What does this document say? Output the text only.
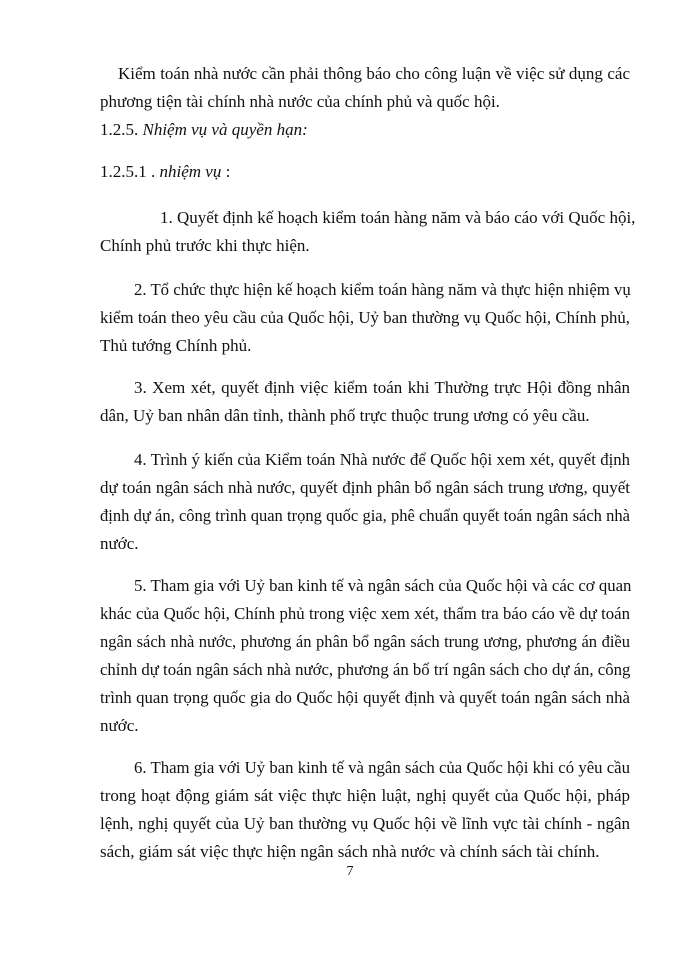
Kiểm toán nhà nước cần phải thông báo cho công luận về việc sử dụng các
phương tiện tài chính nhà nước của chính phủ và quốc hội.
1.2.5. Nhiệm vụ và quyền hạn:
1.2.5.1 . nhiệm vụ :
1. Quyết định kế hoạch kiểm toán hàng năm và báo cáo với Quốc hội,
Chính phủ trước khi thực hiện.
2. Tổ chức thực hiện kế hoạch kiểm toán hàng năm và thực hiện nhiệm vụ
kiểm toán theo yêu cầu của Quốc hội, Uỷ ban thường vụ Quốc hội, Chính phủ,
Thủ tướng Chính phủ.
3. Xem xét, quyết định việc kiểm toán khi Thường trực Hội đồng nhân
dân, Uỷ ban nhân dân tỉnh, thành phố trực thuộc trung ương có yêu cầu.
4. Trình ý kiến của Kiểm toán Nhà nước để Quốc hội xem xét, quyết định
dự toán ngân sách nhà nước, quyết định phân bổ ngân sách trung ương, quyết
định dự án, công trình quan trọng quốc gia, phê chuẩn quyết toán ngân sách nhà
nước.
5. Tham gia với Uỷ ban kinh tế và ngân sách của Quốc hội và các cơ quan
khác của Quốc hội, Chính phủ trong việc xem xét, thẩm tra báo cáo về dự toán
ngân sách nhà nước, phương án phân bổ ngân sách trung ương, phương án điều
chỉnh dự toán ngân sách nhà nước, phương án bố trí ngân sách cho dự án, công
trình quan trọng quốc gia do Quốc hội quyết định và quyết toán ngân sách nhà
nước.
6. Tham gia với Uỷ ban kinh tế và ngân sách của Quốc hội khi có yêu cầu
trong hoạt động giám sát việc thực hiện luật, nghị quyết của Quốc hội, pháp
lệnh, nghị quyết của Uỷ ban thường vụ Quốc hội về lĩnh vực tài chính - ngân
sách, giám sát việc thực hiện ngân sách nhà nước và chính sách tài chính.
7
